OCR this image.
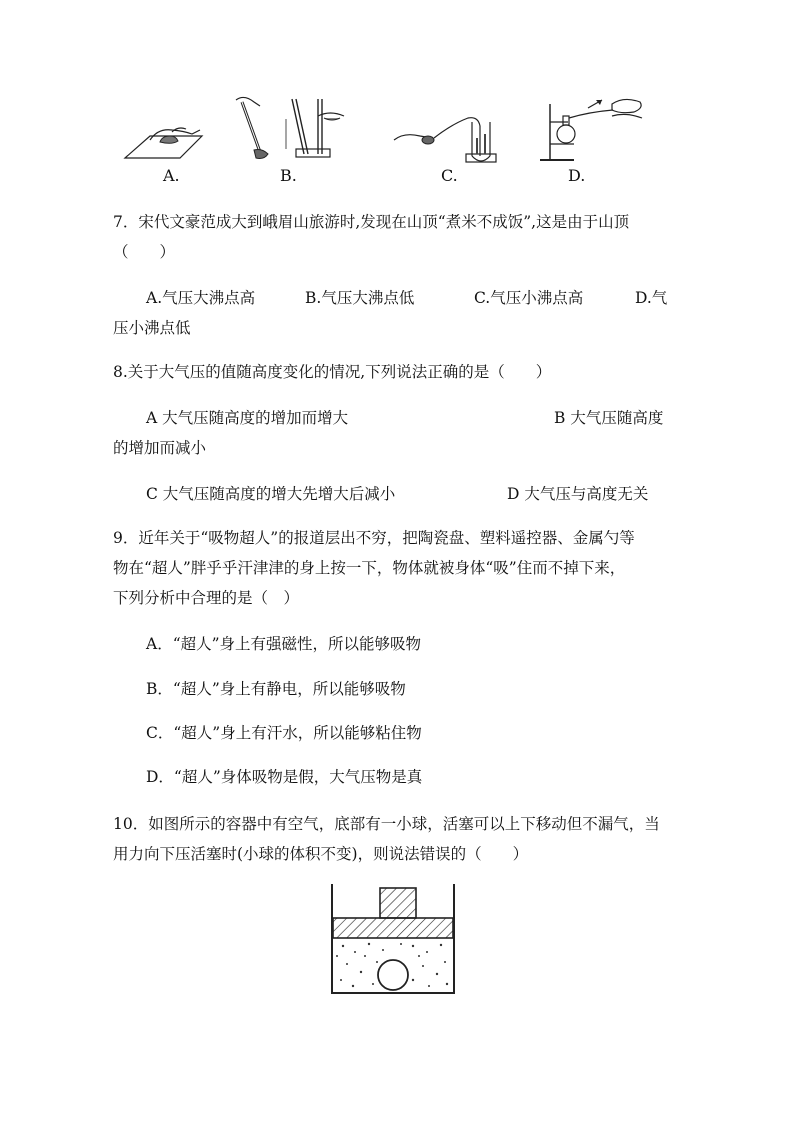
A.	B.	C.	D.
7．宋代文豪范成大到峨眉山旅游时,发现在山顶“煮米不成饭”,这是由于山顶
（　　）
A.气压大沸点高	B.气压大沸点低	C.气压小沸点高	D.气
压小沸点低
8.关于大气压的值随高度变化的情况,下列说法正确的是（　　）
A 大气压随高度的增加而增大	B 大气压随高度
的增加而减小
C 大气压随高度的增大先增大后减小	D 大气压与高度无关
9．近年关于“吸物超人”的报道层出不穷，把陶瓷盘、塑料遥控器、金属勺等
物在“超人”胖乎乎汗津津的身上按一下，物体就被身体“吸”住而不掉下来，
下列分析中合理的是（　）
A．“超人”身上有强磁性，所以能够吸物
B．“超人”身上有静电，所以能够吸物
C．“超人”身上有汗水，所以能够粘住物
D．“超人”身体吸物是假，大气压物是真
10．如图所示的容器中有空气，底部有一小球，活塞可以上下移动但不漏气，当
用力向下压活塞时(小球的体积不变)，则说法错误的（　　）
